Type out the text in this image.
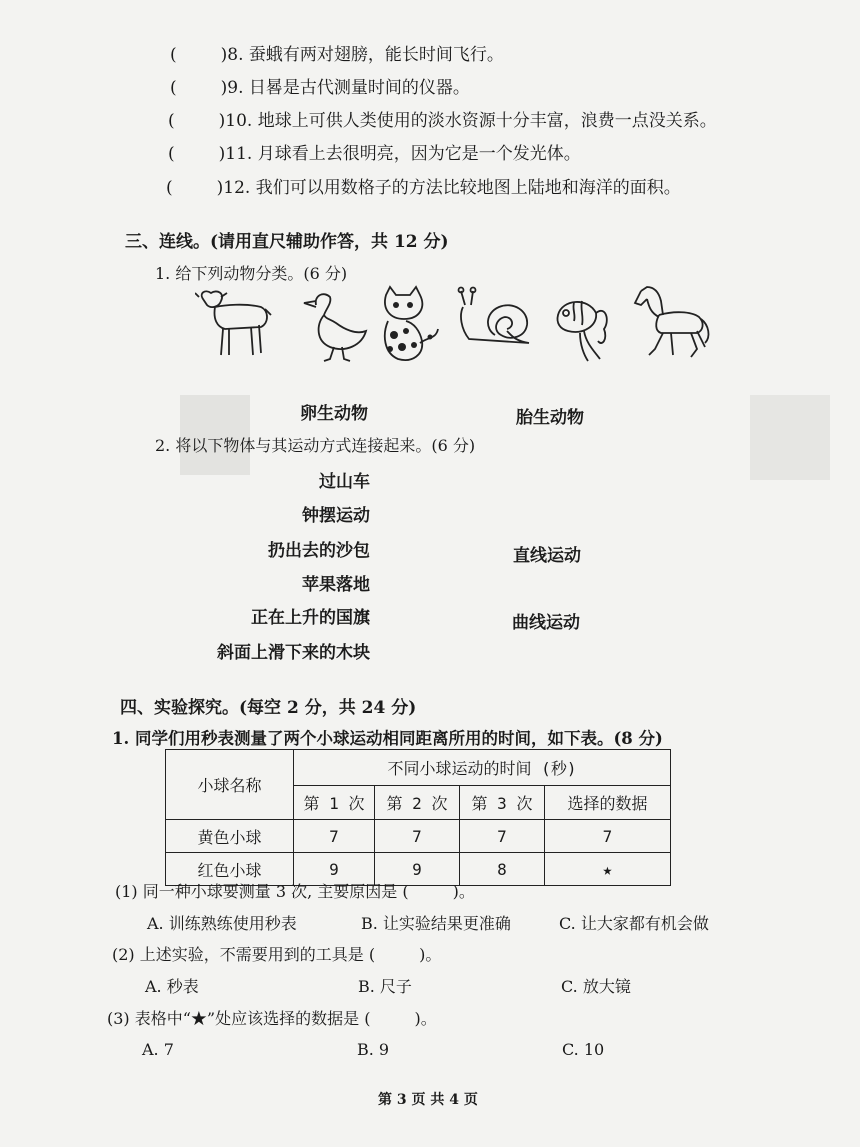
(	)8. 蚕蛾有两对翅膀，能长时间飞行。
(	)9. 日晷是古代测量时间的仪器。
(	)10. 地球上可供人类使用的淡水资源十分丰富，浪费一点没关系。
(	)11. 月球看上去很明亮，因为它是一个发光体。
(	)12. 我们可以用数格子的方法比较地图上陆地和海洋的面积。
三、连线。(请用直尺辅助作答，共 12 分)
1. 给下列动物分类。(6 分)
卵生动物	胎生动物
2. 将以下物体与其运动方式连接起来。(6 分)
过山车
钟摆运动
扔出去的沙包
苹果落地
正在上升的国旗
斜面上滑下来的木块
直线运动
曲线运动
四、实验探究。(每空 2 分，共 24 分)
1. 同学们用秒表测量了两个小球运动相同距离所用的时间，如下表。(8 分)
小球名称	不同小球运动的时间 (秒)			
	第 1 次	第 2 次	第 3 次	选择的数据
黄色小球	7	7	7	7
红色小球	9	9	8	★
(1) 同一种小球要测量 3 次, 主要原因是 (	)。
A. 训练熟练使用秒表	B. 让实验结果更准确	C. 让大家都有机会做
(2) 上述实验，不需要用到的工具是 (	)。
A. 秒表	B. 尺子	C. 放大镜
(3) 表格中“★”处应该选择的数据是 (	)。
A. 7	B. 9	C. 10
第 3 页 共 4 页
